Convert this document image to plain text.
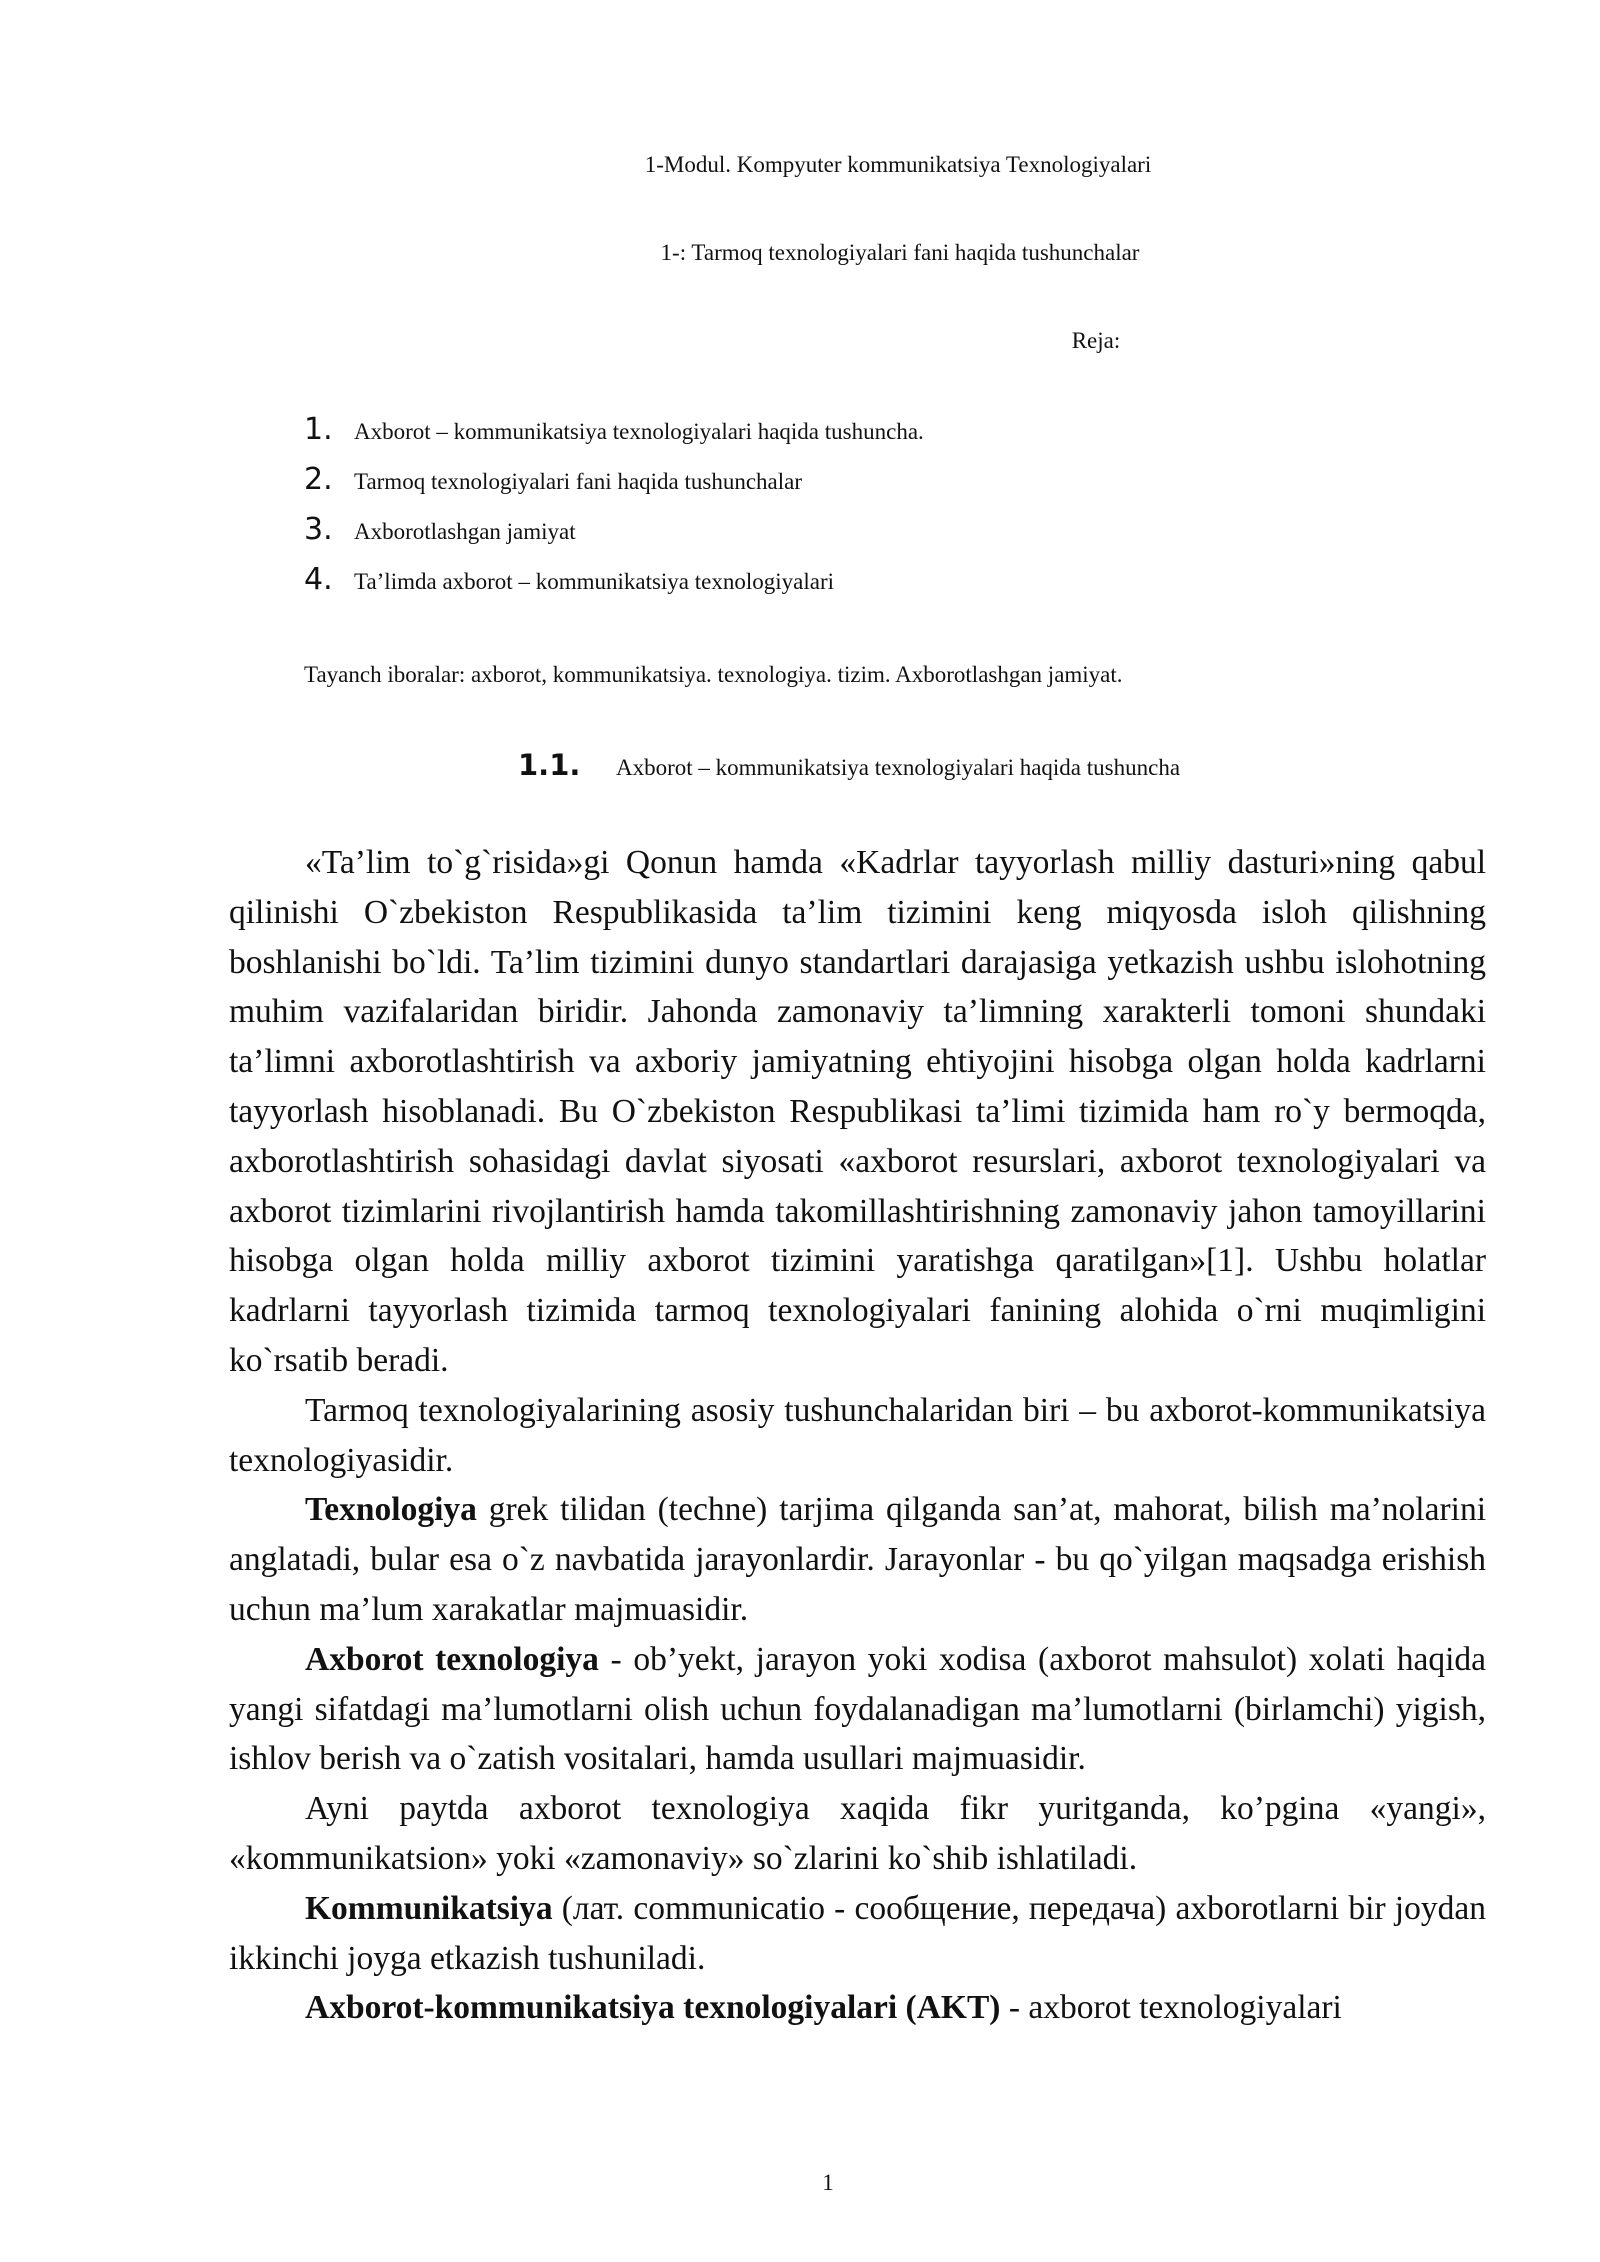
1-Modul. Kompyuter kommunikatsiya Texnologiyalari
1-: Tarmoq texnologiyalari fani haqida tushunchalar
Reja:
1. Axborot – kommunikatsiya texnologiyalari haqida tushuncha.
2. Tarmoq texnologiyalari fani haqida tushunchalar
3. Axborotlashgan jamiyat
4. Ta’limda axborot – kommunikatsiya texnologiyalari
Tayanch iboralar: axborot, kommunikatsiya. texnologiya. tizim. Axborotlashgan jamiyat.
1.1.	Axborot – kommunikatsiya texnologiyalari haqida tushuncha

«Ta’lim to`g`risida»gi Qonun hamda «Kadrlar tayyorlash milliy dasturi»ning qabul qilinishi O`zbekiston Respublikasida ta’lim tizimini keng miqyosda isloh qilishning boshlanishi bo`ldi. Ta’lim tizimini dunyo standartlari darajasiga yetkazish ushbu islohotning muhim vazifalaridan biridir. Jahonda zamonaviy ta’limning xarakterli tomoni shundaki ta’limni axborotlashtirish va axboriy jamiyatning ehtiyojini hisobga olgan holda kadrlarni tayyorlash hisoblanadi. Bu O`zbekiston Respublikasi ta’limi tizimida ham ro`y bermoqda, axborotlashtirish sohasidagi davlat siyosati «axborot resurslari, axborot texnologiyalari va axborot tizimlarini rivojlantirish hamda takomillashtirishning zamonaviy jahon tamoyillarini hisobga olgan holda milliy axborot tizimini yaratishga qaratilgan»[1]. Ushbu holatlar kadrlarni tayyorlash tizimida tarmoq texnologiyalari fanining alohida o`rni muqimligini ko`rsatib beradi.

Tarmoq texnologiyalarining asosiy tushunchalaridan biri – bu axborot-kommunikatsiya texnologiyasidir.

Texnologiya grek tilidan (techne) tarjima qilganda san’at, mahorat, bilish ma’nolarini anglatadi, bular esa o`z navbatida jarayonlardir. Jarayonlar - bu qo`yilgan maqsadga erishish uchun ma’lum xarakatlar majmuasidir.

Axborot texnologiya - ob’yekt, jarayon yoki xodisa (axborot mahsulot) xolati haqida yangi sifatdagi ma’lumotlarni olish uchun foydalanadigan ma’lumotlarni (birlamchi) yigish, ishlov berish va o`zatish vositalari, hamda usullari majmuasidir.

Ayni paytda axborot texnologiya xaqida fikr yuritganda, ko’pgina «yangi», «kommunikatsion» yoki «zamonaviy» so`zlarini ko`shib ishlatiladi.

Kommunikatsiya (лат. communicatio - сообщение, передача) axborotlarni bir joydan ikkinchi joyga etkazish tushuniladi.

Axborot-kommunikatsiya texnologiyalari (AKT) - axborot texnologiyalari

1
